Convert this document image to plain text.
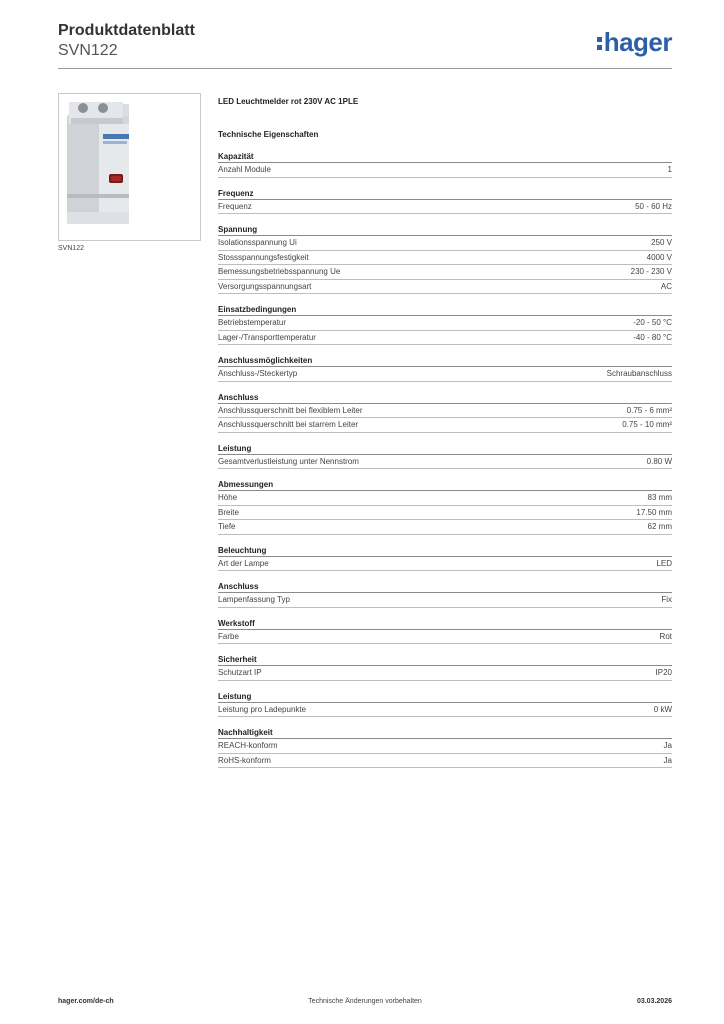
Produktdatenblatt
SVN122	hager
SVN122
LED Leuchtmelder rot 230V AC 1PLE
Technische Eigenschaften
Kapazität
Anzahl Module	1
Frequenz
Frequenz	50 - 60 Hz
Spannung
Isolationsspannung Ui	250 V
Stossspannungsfestigkeit	4000 V
Bemessungsbetriebsspannung Ue	230 - 230 V
Versorgungsspannungsart	AC
Einsatzbedingungen
Betriebstemperatur	-20 - 50 °C
Lager-/Transporttemperatur	-40 - 80 °C
Anschlussmöglichkeiten
Anschluss-/Steckertyp	Schraubanschluss
Anschluss
Anschlussquerschnitt bei flexiblem Leiter	0.75 - 6 mm²
Anschlussquerschnitt bei starrem Leiter	0.75 - 10 mm²
Leistung
Gesamtverlustleistung unter Nennstrom	0.80 W
Abmessungen
Höhe	83 mm
Breite	17.50 mm
Tiefe	62 mm
Beleuchtung
Art der Lampe	LED
Anschluss
Lampenfassung Typ	Fix
Werkstoff
Farbe	Rot
Sicherheit
Schutzart IP	IP20
Leistung
Leistung pro Ladepunkte	0 kW
Nachhaltigkeit
REACH-konform	Ja
RoHS-konform	Ja
hager.com/de-ch	Technische Änderungen vorbehalten	03.03.2026
